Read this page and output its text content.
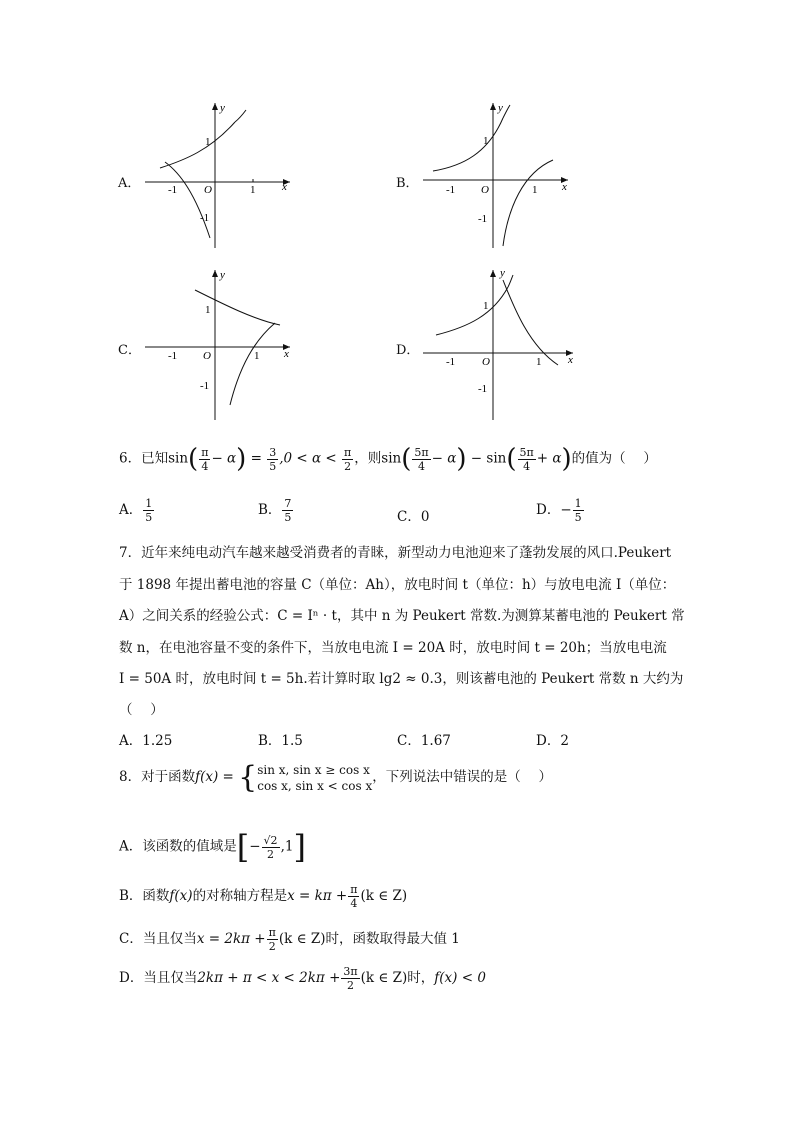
A．
y
x
O
1
-1
-1	1	B．
y
x
O
1
-1
-1	1
C．
y
x
O
1
-1
-1	1	D．
y
x
O
1
-1
-1	1
6．已知$\sin( \frac{\pi}{4} - \alpha) = \frac{3}{5} ,0 < \alpha < \frac{\pi}{2}$ ，则$\sin( \frac{5\pi}{4} - \alpha) - \sin( \frac{5\pi}{4} + \alpha)$的值为（　 ）
A． $\frac{1}{5}$	B． $\frac{7}{5}$	C．0	D．− $\frac{1}{5}$
7．近年来纯电动汽车越来越受消费者的青睐，新型动力电池迎来了蓬勃发展的风口.Peukert
于 1898 年提出蓄电池的容量 C（单位：Ah），放电时间 t（单位：h）与放电电流 I（单位：
A）之间关系的经验公式：C = Iⁿ · t，其中 n 为 Peukert 常数.为测算某蓄电池的 Peukert 常
数 n，在电池容量不变的条件下，当放电电流 I = 20A 时，放电时间 t = 20h；当放电电流
I = 50A 时，放电时间 t = 5h.若计算时取 lg2 ≈ 0.3，则该蓄电池的 Peukert 常数 n 大约为
（　 ）
A．1.25	B．1.5	C．1.67	D．2
8．对于函数f(x) = { sin x, sin x ≥ cos x
cos x, sin x < cos x
，下列说法中错误的是（　 ）
A．该函数的值域是[− $\frac{√2}{2} ,1$]
B．函数f(x)的对称轴方程是$x = k\pi + \frac{\pi}{4} (k$ ∈ Z)
C．当且仅当$x = 2k\pi + \frac{\pi}{2} (k$ ∈ Z)时，函数取得最大值 1
D．当且仅当$2k\pi + \pi < x < 2k\pi + \frac{3\pi}{2} (k$ ∈ Z)时，f(x) < 0
